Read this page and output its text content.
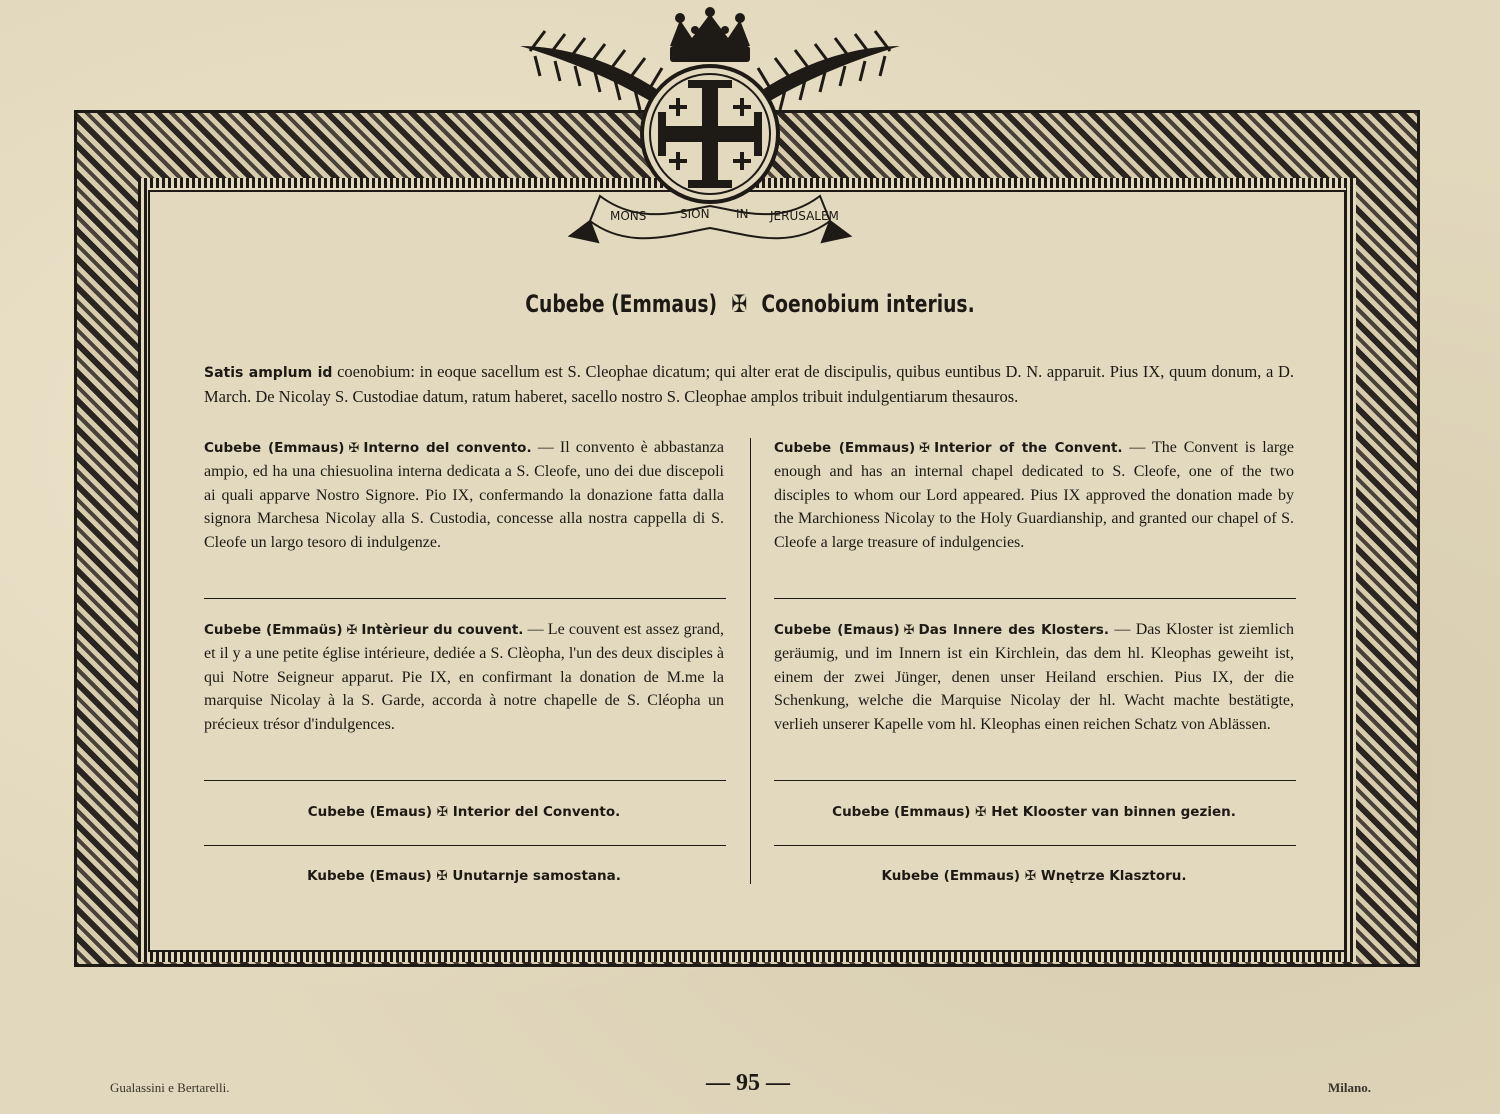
MONS	SION IN JERUSALEM
Cubebe (Emmaus) ✠ Coenobium interius.
Satis amplum id coenobium: in eoque sacellum est S. Cleophae dicatum; qui alter erat de discipulis, quibus euntibus D. N. apparuit. Pius IX, quum donum, a D. March. De Nicolay S. Custodiae datum, ratum haberet, sacello nostro S. Cleophae amplos tribuit indulgentiarum thesauros.
Cubebe (Emmaus) ✠ Interno del convento. — Il convento è abbastanza ampio, ed ha una chiesuolina interna dedicata a S. Cleofe, uno dei due discepoli ai quali apparve Nostro Signore. Pio IX, confermando la donazione fatta dalla signora Marchesa Nicolay alla S. Custodia, concesse alla nostra cappella di S. Cleofe un largo tesoro di indulgenze.
Cubebe (Emmaus) ✠ Interior of the Convent. — The Convent is large enough and has an internal chapel dedicated to S. Cleofe, one of the two disciples to whom our Lord appeared. Pius IX approved the donation made by the Marchioness Nicolay to the Holy Guardianship, and granted our chapel of S. Cleofe a large treasure of indulgencies.
Cubebe (Emmaüs) ✠ Intèrieur du couvent. — Le couvent est assez grand, et il y a une petite église intérieure, dediée a S. Clèopha, l'un des deux disciples à qui Notre Seigneur apparut. Pie IX, en confirmant la donation de M.me la marquise Nicolay à la S. Garde, accorda à notre chapelle de S. Cléopha un précieux trésor d'indulgences.
Cubebe (Emaus) ✠ Das Innere des Klosters. — Das Kloster ist ziemlich geräumig, und im Innern ist ein Kirchlein, das dem hl. Kleophas geweiht ist, einem der zwei Jünger, denen unser Heiland erschien. Pius IX, der die Schenkung, welche die Marquise Nicolay der hl. Wacht machte bestätigte, verlieh unserer Kapelle vom hl. Kleophas einen reichen Schatz von Ablässen.
Cubebe (Emaus) ✠ Interior del Convento.	Cubebe (Emmaus) ✠ Het Klooster van binnen gezien.
Kubebe (Emaus) ✠ Unutarnje samostana.	Kubebe (Emmaus) ✠ Wnętrze Klasztoru.
Gualassini e Bertarelli.	— 95 —	Milano.
